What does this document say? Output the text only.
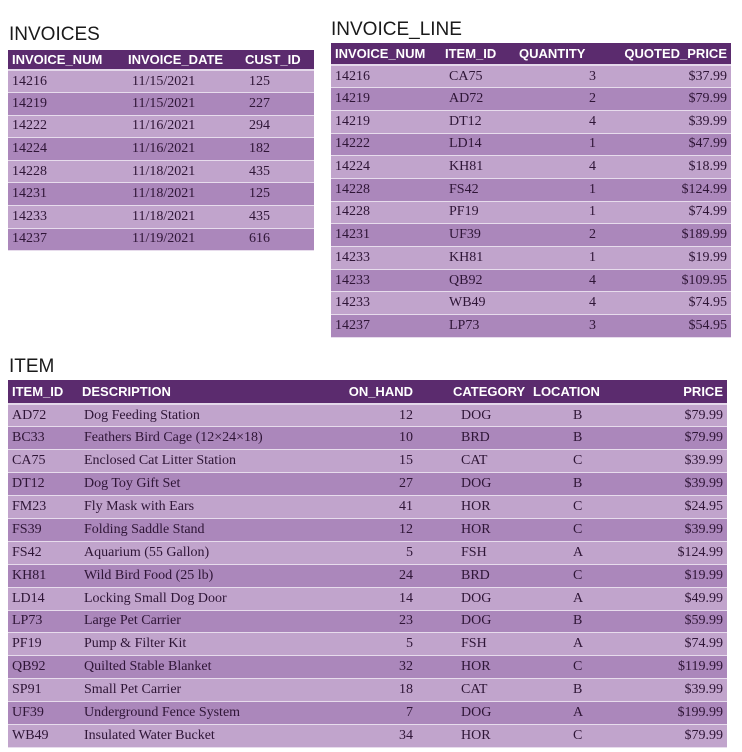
INVOICES
INVOICE_NUM	INVOICE_DATE	CUST_ID
14216	11/15/2021	125
14219	11/15/2021	227
14222	11/16/2021	294
14224	11/16/2021	182
14228	11/18/2021	435
14231	11/18/2021	125
14233	11/18/2021	435
14237	11/19/2021	616
INVOICE_LINE
INVOICE_NUM	ITEM_ID	QUANTITY	QUOTED_PRICE
14216	CA75	3	$37.99
14219	AD72	2	$79.99
14219	DT12	4	$39.99
14222	LD14	1	$47.99
14224	KH81	4	$18.99
14228	FS42	1	$124.99
14228	PF19	1	$74.99
14231	UF39	2	$189.99
14233	KH81	1	$19.99
14233	QB92	4	$109.95
14233	WB49	4	$74.95
14237	LP73	3	$54.95
ITEM
ITEM_ID	DESCRIPTION	ON_HAND	CATEGORY	LOCATION	PRICE
AD72	Dog Feeding Station	12	DOG	B	$79.99
BC33	Feathers Bird Cage (12×24×18)	10	BRD	B	$79.99
CA75	Enclosed Cat Litter Station	15	CAT	C	$39.99
DT12	Dog Toy Gift Set	27	DOG	B	$39.99
FM23	Fly Mask with Ears	41	HOR	C	$24.95
FS39	Folding Saddle Stand	12	HOR	C	$39.99
FS42	Aquarium (55 Gallon)	5	FSH	A	$124.99
KH81	Wild Bird Food (25 lb)	24	BRD	C	$19.99
LD14	Locking Small Dog Door	14	DOG	A	$49.99
LP73	Large Pet Carrier	23	DOG	B	$59.99
PF19	Pump & Filter Kit	5	FSH	A	$74.99
QB92	Quilted Stable Blanket	32	HOR	C	$119.99
SP91	Small Pet Carrier	18	CAT	B	$39.99
UF39	Underground Fence System	7	DOG	A	$199.99
WB49	Insulated Water Bucket	34	HOR	C	$79.99
